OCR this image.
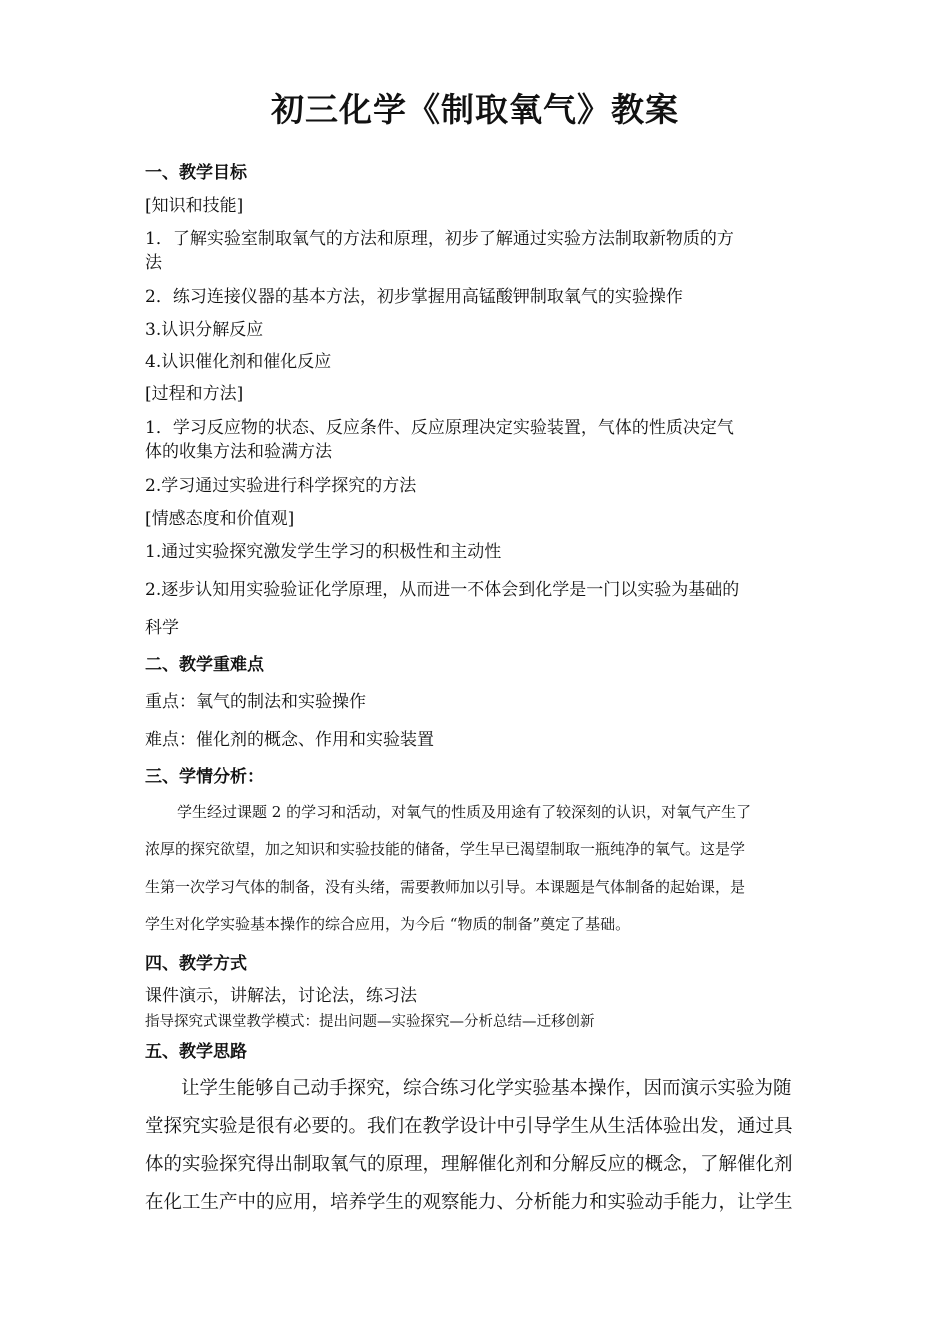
初三化学《制取氧气》教案
一、教学目标
[知识和技能]
1．了解实验室制取氧气的方法和原理，初步了解通过实验方法制取新物质的方
法
2．练习连接仪器的基本方法，初步掌握用高锰酸钾制取氧气的实验操作
3.认识分解反应
4.认识催化剂和催化反应
[过程和方法]
1．学习反应物的状态、反应条件、反应原理决定实验装置，气体的性质决定气
体的收集方法和验满方法
2.学习通过实验进行科学探究的方法
[情感态度和价值观]
1.通过实验探究激发学生学习的积极性和主动性
2.逐步认知用实验验证化学原理，从而进一不体会到化学是一门以实验为基础的
科学
二、教学重难点
重点：氧气的制法和实验操作
难点：催化剂的概念、作用和实验装置
三、学情分析：
学生经过课题 2 的学习和活动，对氧气的性质及用途有了较深刻的认识，对氧气产生了
浓厚的探究欲望，加之知识和实验技能的储备，学生早已渴望制取一瓶纯净的氧气。这是学
生第一次学习气体的制备，没有头绪，需要教师加以引导。本课题是气体制备的起始课，是
学生对化学实验基本操作的综合应用，为今后 “物质的制备”奠定了基础。
四、教学方式
课件演示，讲解法，讨论法，练习法
指导探究式课堂教学模式：提出问题—实验探究—分析总结—迁移创新
五、教学思路
让学生能够自己动手探究，综合练习化学实验基本操作，因而演示实验为随
堂探究实验是很有必要的。我们在教学设计中引导学生从生活体验出发，通过具
体的实验探究得出制取氧气的原理，理解催化剂和分解反应的概念，了解催化剂
在化工生产中的应用，培养学生的观察能力、分析能力和实验动手能力，让学生
